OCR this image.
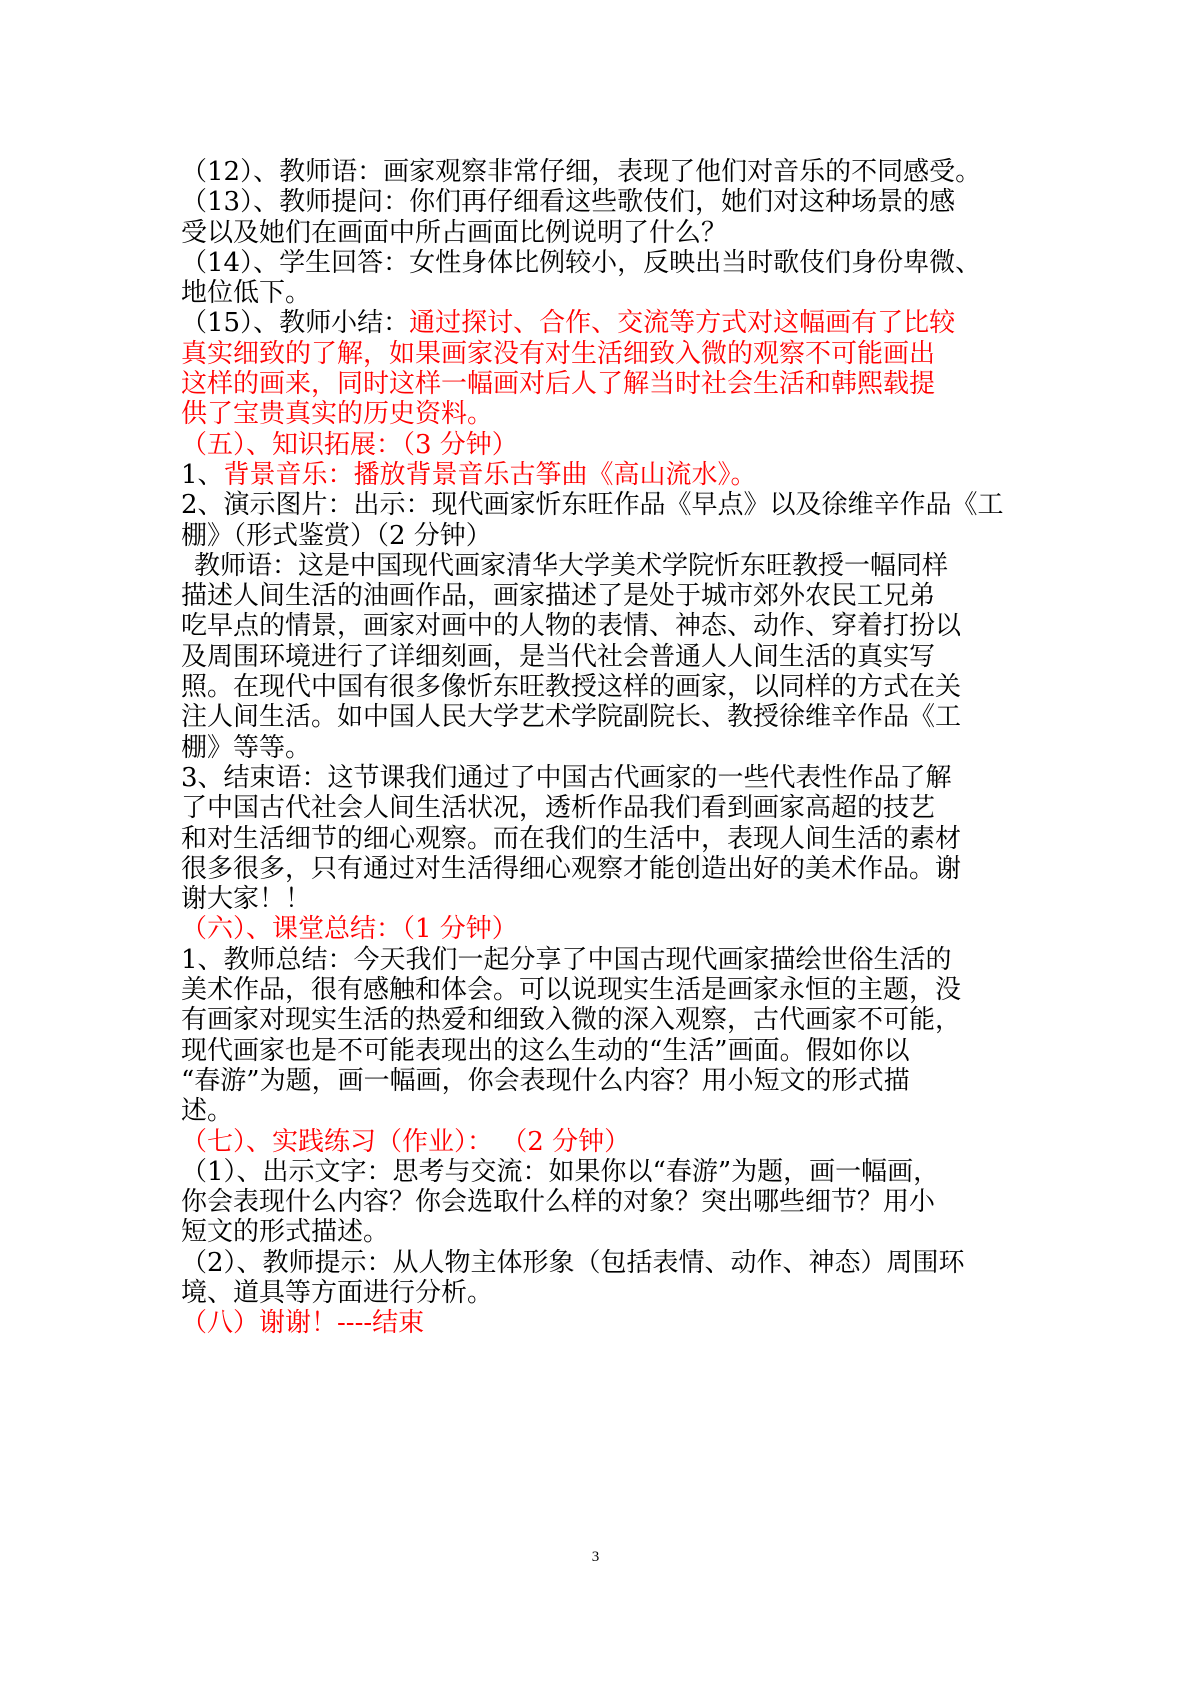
（12）、教师语：画家观察非常仔细，表现了他们对音乐的不同感受。

（13）、教师提问：你们再仔细看这些歌伎们，她们对这种场景的感

受以及她们在画面中所占画面比例说明了什么？

（14）、学生回答：女性身体比例较小，反映出当时歌伎们身份卑微、

地位低下。

（15）、教师小结：通过探讨、合作、交流等方式对这幅画有了比较

真实细致的了解，如果画家没有对生活细致入微的观察不可能画出

这样的画来，同时这样一幅画对后人了解当时社会生活和韩熙载提

供了宝贵真实的历史资料。

（五）、知识拓展：（3 分钟）

1、背景音乐：播放背景音乐古筝曲《高山流水》。

2、演示图片：出示：现代画家忻东旺作品《早点》以及徐维辛作品《工

棚》（形式鉴赏）（2 分钟）

教师语：这是中国现代画家清华大学美术学院忻东旺教授一幅同样

描述人间生活的油画作品，画家描述了是处于城市郊外农民工兄弟

吃早点的情景，画家对画中的人物的表情、神态、动作、穿着打扮以

及周围环境进行了详细刻画，是当代社会普通人人间生活的真实写

照。在现代中国有很多像忻东旺教授这样的画家，以同样的方式在关

注人间生活。如中国人民大学艺术学院副院长、教授徐维辛作品《工

棚》等等。

3、结束语：这节课我们通过了中国古代画家的一些代表性作品了解

了中国古代社会人间生活状况，透析作品我们看到画家高超的技艺

和对生活细节的细心观察。而在我们的生活中，表现人间生活的素材

很多很多，只有通过对生活得细心观察才能创造出好的美术作品。谢

谢大家！！

（六）、课堂总结：（1 分钟）

1、教师总结：今天我们一起分享了中国古现代画家描绘世俗生活的

美术作品，很有感触和体会。可以说现实生活是画家永恒的主题，没

有画家对现实生活的热爱和细致入微的深入观察，古代画家不可能，

现代画家也是不可能表现出的这么生动的“生活”画面。假如你以

“春游”为题，画一幅画，你会表现什么内容？用小短文的形式描

述。

（七）、实践练习（作业）： （2 分钟）

（1）、出示文字：思考与交流：如果你以“春游”为题，画一幅画，

你会表现什么内容？你会选取什么样的对象？突出哪些细节？用小

短文的形式描述。

（2）、教师提示：从人物主体形象（包括表情、动作、神态）周围环

境、道具等方面进行分析。

（八）谢谢！----结束

3
